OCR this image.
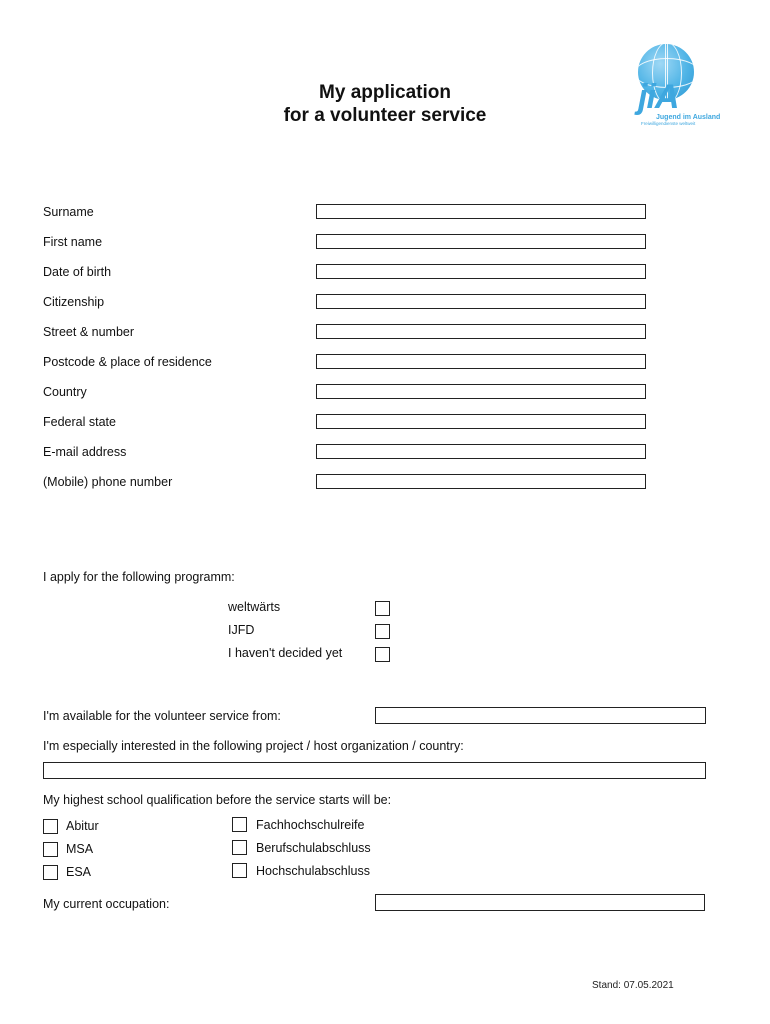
jiA
Jugend im Ausland
Freiwilligendienste weltweit
My application
for a volunteer service
Surname
First name
Date of birth
Citizenship
Street & number
Postcode & place of residence
Country
Federal state
E-mail address
(Mobile) phone number
I apply for the following programm:
weltwärts
IJFD
I haven't decided yet
I'm available for the volunteer service from:
I'm especially interested in the following project / host organization / country:
My highest school qualification before the service starts will be:
Abitur
MSA
ESA
Fachhochschulreife
Berufschulabschluss
Hochschulabschluss
My current occupation:
Stand: 07.05.2021
